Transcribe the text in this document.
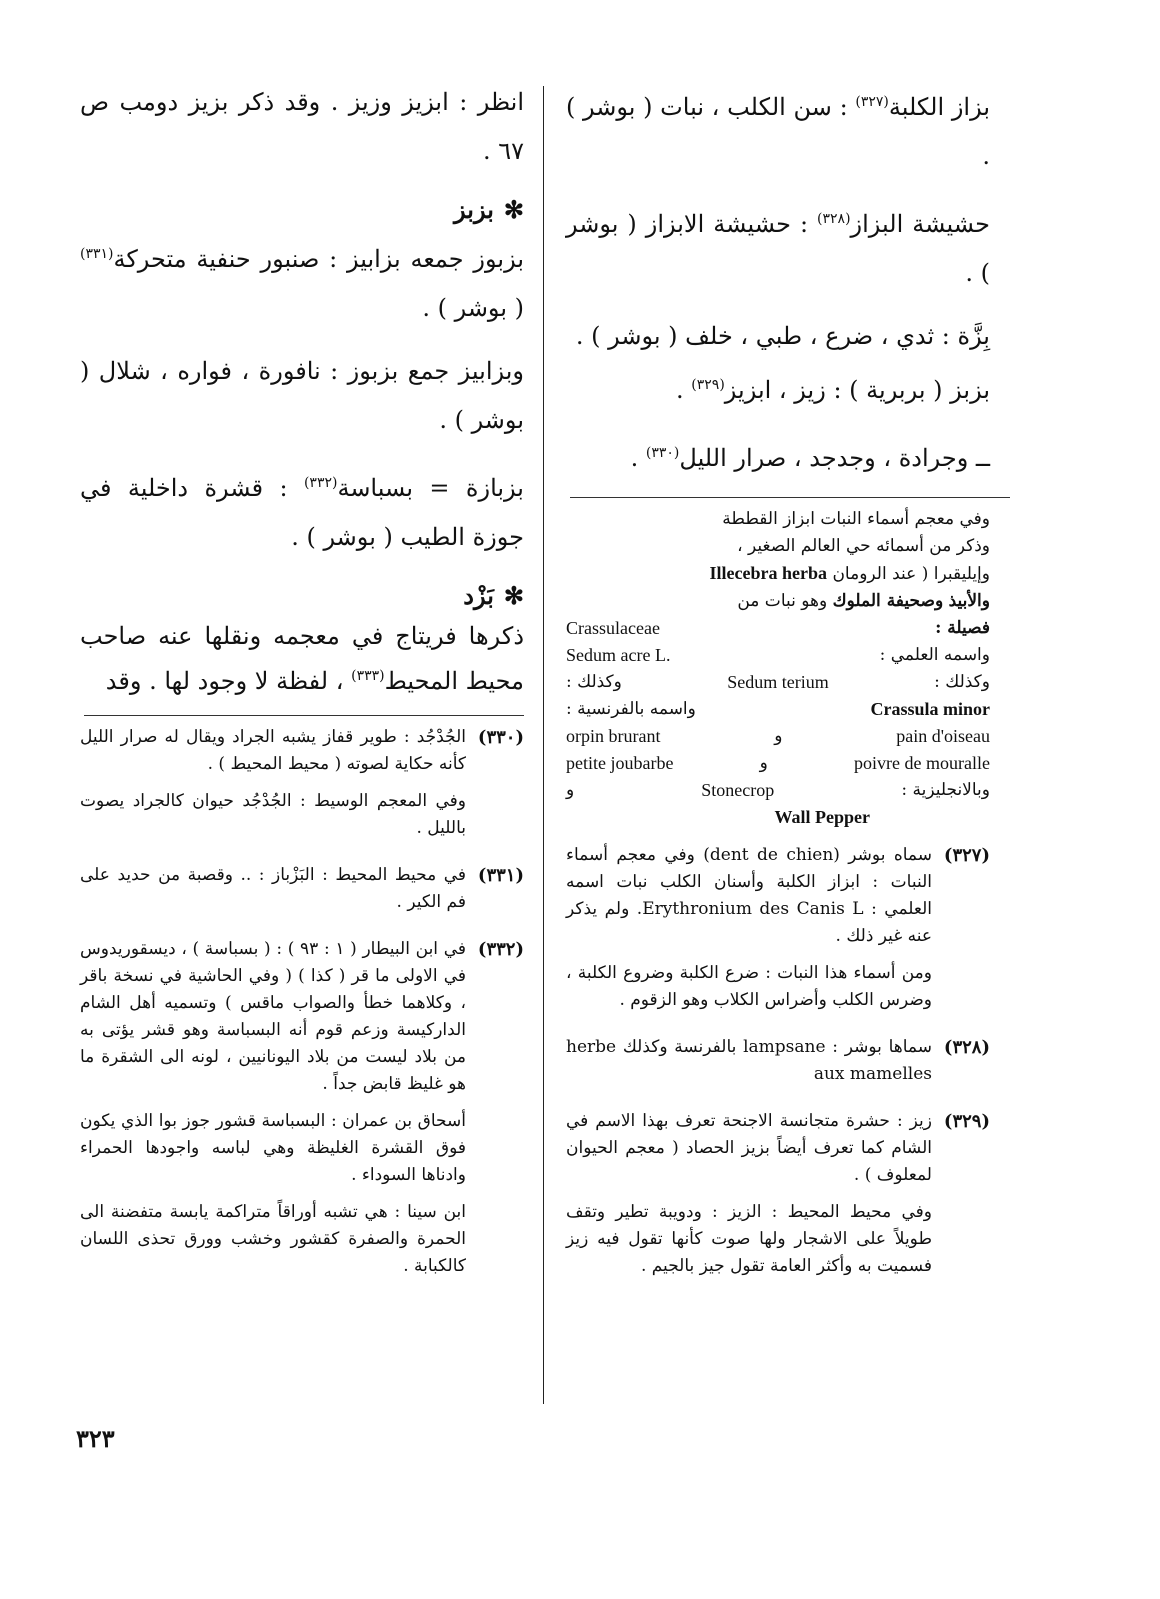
بزاز الكلبة$^{(٣٢٧)}$ : سن الكلب ، نبات ( بوشر ) .

حشيشة البزاز$^{(٣٢٨)}$ : حشيشة الابزاز ( بوشر ) .

بِزَّة : ثدي ، ضرع ، طبي ، خلف ( بوشر ) .

بزبز ( بربرية ) : زيز ، ابزيز$^{(٣٢٩)}$ .

ــ وجرادة ، وجدجد ، صرار الليل$^{(٣٣٠)}$ .

وفي معجم أسماء النبات ابزاز القططة
وذكر من أسمائه حي العالم الصغير ،
وإيليقبرا ( عند الرومان Illecebra herba
والأبيذ وصحيفة الملوك وهو نبات من
فصيلة :
Crassulaceae
واسمه العلمي :
Sedum acre L.
وكذلك :
Sedum terium
وكذلك :
Crassula minor
واسمه بالفرنسية :
pain d'oiseau
و
orpin brurant
poivre de mouralle
و
petite joubarbe
وبالانجليزية :
Stonecrop
و
Wall Pepper
(٣٢٧)

سماه بوشر (dent de chien) وفي معجم أسماء النبات : ابزاز الكلبة وأسنان الكلب نبات اسمه العلمي : Erythronium des Canis L. ولم يذكر عنه غير ذلك .

ومن أسماء هذا النبات : ضرع الكلبة وضروع الكلبة ، وضرس الكلب وأضراس الكلاب وهو الزقوم .

(٣٢٨)

سماها بوشر : lampsane بالفرنسة وكذلك herbe aux mamelles

(٣٢٩)

زيز : حشرة متجانسة الاجنحة تعرف بهذا الاسم في الشام كما تعرف أيضاً بزيز الحصاد ( معجم الحيوان لمعلوف ) .

وفي محيط المحيط : الزيز : ودويبة تطير وتقف طويلاً على الاشجار ولها صوت كأنها تقول فيه زيز فسميت به وأكثر العامة تقول جيز بالجيم .

انظر : ابزيز وزيز . وقد ذكر بزيز دومب ص ٦٧ .

✻بزبز

بزبوز جمعه بزابيز : صنبور حنفية متحركة$^{(٣٣١)}$ ( بوشر ) .

وبزابيز جمع بزبوز : نافورة ، فواره ، شلال ( بوشر ) .

بزبازة = بسباسة$^{(٣٣٢)}$ : قشرة داخلية في جوزة الطيب ( بوشر ) .

✻بَزْد

ذكرها فريتاج في معجمه ونقلها عنه صاحب محيط المحيط$^{(٣٣٣)}$ ، لفظة لا وجود لها . وقد

(٣٣٠)

الجُدْجُد : طوير قفاز يشبه الجراد ويقال له صرار الليل كأنه حكاية لصوته ( محيط المحيط ) .

وفي المعجم الوسيط : الجُدْجُد حيوان كالجراد يصوت بالليل .

(٣٣١)

في محيط المحيط : البَزْباز : .. وقصبة من حديد على فم الكير .

(٣٣٢)

في ابن البيطار ( ١ : ٩٣ ) : ( بسباسة ) ، ديسقوريدوس في الاولى ما قر ( كذا ) ( وفي الحاشية في نسخة باقر ، وكلاهما خطأ والصواب ماقس ) وتسميه أهل الشام الداركيسة وزعم قوم أنه البسباسة وهو قشر يؤتى به من بلاد ليست من بلاد اليونانيين ، لونه الى الشقرة ما هو غليظ قابض جداً .

أسحاق بن عمران : البسباسة قشور جوز بوا الذي يكون فوق القشرة الغليظة وهي لباسه واجودها الحمراء وادناها السوداء .

ابن سينا : هي تشبه أوراقاً متراكمة يابسة متفضنة الى الحمرة والصفرة كقشور وخشب وورق تحذى اللسان كالكبابة .

٣٢٣
